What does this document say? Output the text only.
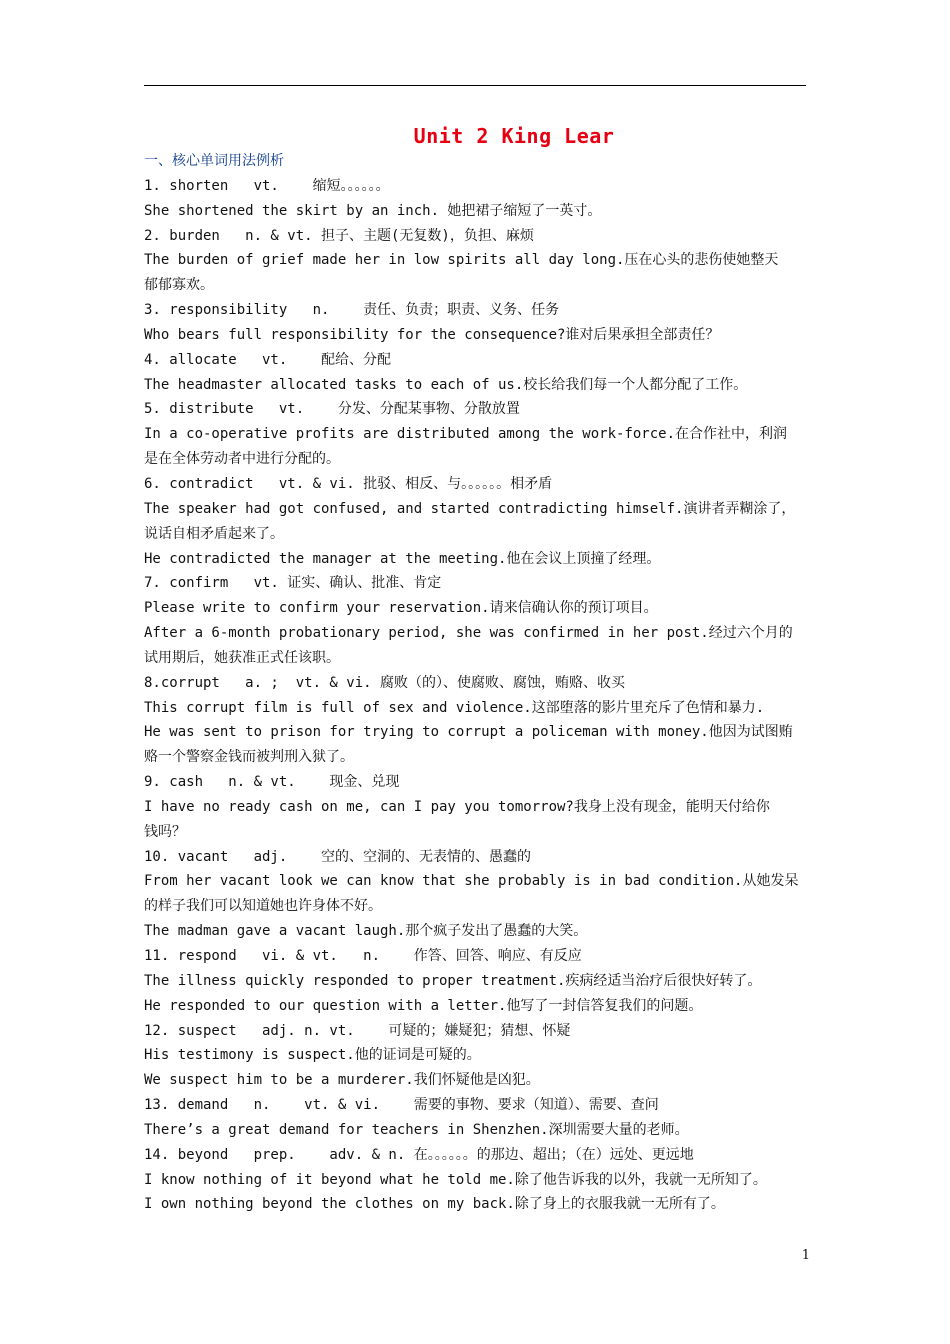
Unit 2 King Lear
一、核心单词用法例析
1. shorten   vt.    缩短。。。。。。
She shortened the skirt by an inch. 她把裙子缩短了一英寸。
2. burden   n. & vt. 担子、主题(无复数)，负担、麻烦
The burden of grief made her in low spirits all day long.压在心头的悲伤使她整天
郁郁寡欢。
3. responsibility   n.    责任、负责；职责、义务、任务
Who bears full responsibility for the consequence?谁对后果承担全部责任？
4. allocate   vt.    配给、分配
The headmaster allocated tasks to each of us.校长给我们每一个人都分配了工作。
5. distribute   vt.    分发、分配某事物、分散放置
In a co-operative profits are distributed among the work-force.在合作社中，利润
是在全体劳动者中进行分配的。
6. contradict   vt. & vi. 批驳、相反、与。。。。。。相矛盾
The speaker had got confused, and started contradicting himself.演讲者弄糊涂了，
说话自相矛盾起来了。
He contradicted the manager at the meeting.他在会议上顶撞了经理。
7. confirm   vt. 证实、确认、批准、肯定
Please write to confirm your reservation.请来信确认你的预订项目。
After a 6-month probationary period, she was confirmed in her post.经过六个月的
试用期后，她获准正式任该职。
8.corrupt   a. ;  vt. & vi. 腐败（的）、使腐败、腐蚀，贿赂、收买
This corrupt film is full of sex and violence.这部堕落的影片里充斥了色情和暴力.
He was sent to prison for trying to corrupt a policeman with money.他因为试图贿
赂一个警察金钱而被判刑入狱了。
9. cash   n. & vt.    现金、兑现
I have no ready cash on me, can I pay you tomorrow?我身上没有现金，能明天付给你
钱吗？
10. vacant   adj.    空的、空洞的、无表情的、愚蠢的
From her vacant look we can know that she probably is in bad condition.从她发呆
的样子我们可以知道她也许身体不好。
The madman gave a vacant laugh.那个疯子发出了愚蠢的大笑。
11. respond   vi. & vt.   n.    作答、回答、响应、有反应
The illness quickly responded to proper treatment.疾病经适当治疗后很快好转了。
He responded to our question with a letter.他写了一封信答复我们的问题。
12. suspect   adj. n. vt.    可疑的；嫌疑犯；猜想、怀疑
His testimony is suspect.他的证词是可疑的。
We suspect him to be a murderer.我们怀疑他是凶犯。
13. demand   n.    vt. & vi.    需要的事物、要求（知道）、需要、查问
There’s a great demand for teachers in Shenzhen.深圳需要大量的老师。
14. beyond   prep.    adv. & n. 在。。。。。。的那边、超出；（在）远处、更远地
I know nothing of it beyond what he told me.除了他告诉我的以外，我就一无所知了。
I own nothing beyond the clothes on my back.除了身上的衣服我就一无所有了。
1
